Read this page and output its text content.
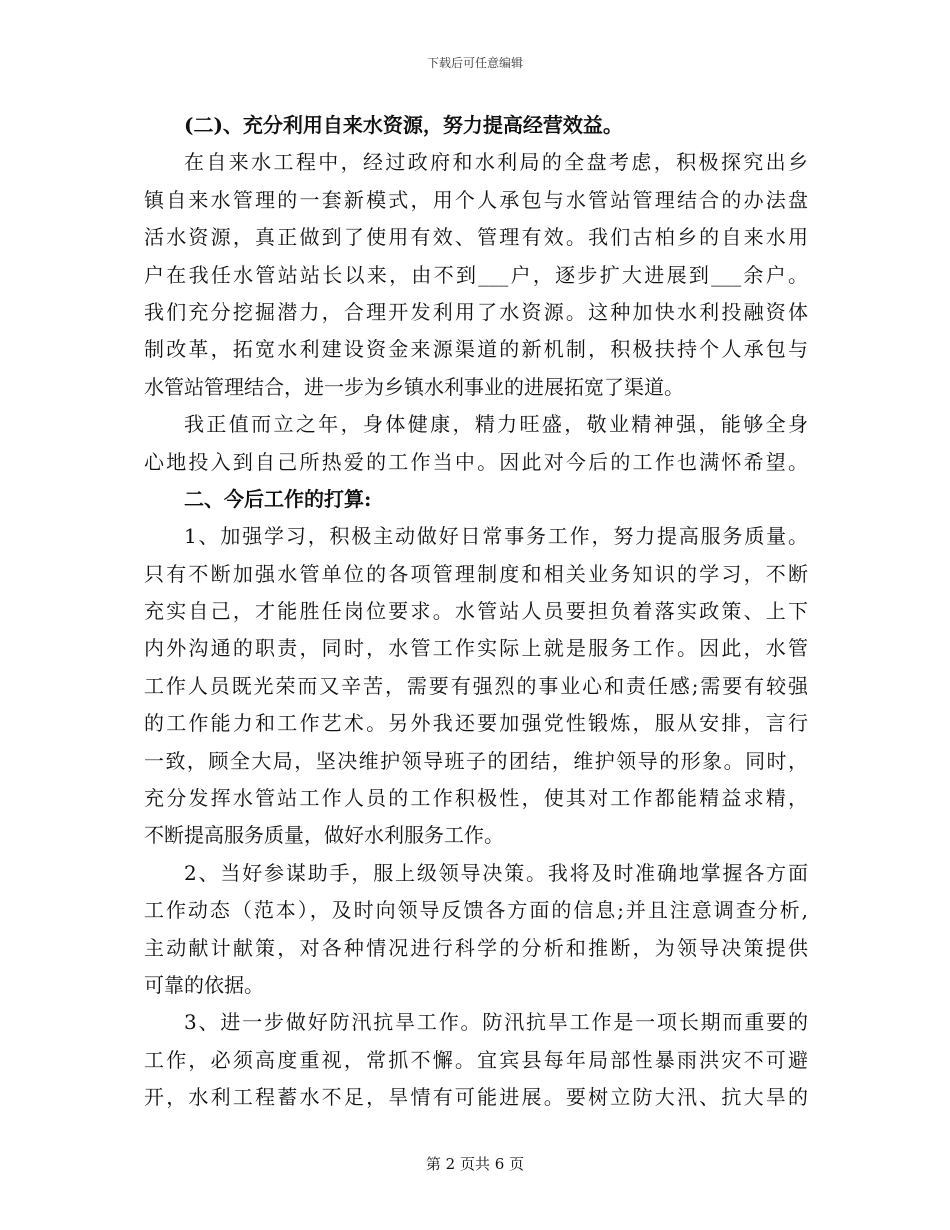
下载后可任意编辑
(二)、充分利用自来水资源，努力提高经营效益。
在自来水工程中，经过政府和水利局的全盘考虑，积极探究出乡
镇自来水管理的一套新模式，用个人承包与水管站管理结合的办法盘
活水资源，真正做到了使用有效、管理有效。我们古柏乡的自来水用
户在我任水管站站长以来，由不到___户，逐步扩大进展到___余户。
我们充分挖掘潜力，合理开发利用了水资源。这种加快水利投融资体
制改革，拓宽水利建设资金来源渠道的新机制，积极扶持个人承包与
水管站管理结合，进一步为乡镇水利事业的进展拓宽了渠道。
我正值而立之年，身体健康，精力旺盛，敬业精神强，能够全身
心地投入到自己所热爱的工作当中。因此对今后的工作也满怀希望。
二、今后工作的打算:
1、加强学习，积极主动做好日常事务工作，努力提高服务质量。
只有不断加强水管单位的各项管理制度和相关业务知识的学习，不断
充实自己，才能胜任岗位要求。水管站人员要担负着落实政策、上下
内外沟通的职责，同时，水管工作实际上就是服务工作。因此，水管
工作人员既光荣而又辛苦，需要有强烈的事业心和责任感;需要有较强
的工作能力和工作艺术。另外我还要加强党性锻炼，服从安排，言行
一致，顾全大局，坚决维护领导班子的团结，维护领导的形象。同时，
充分发挥水管站工作人员的工作积极性，使其对工作都能精益求精，
不断提高服务质量，做好水利服务工作。
2、当好参谋助手，服上级领导决策。我将及时准确地掌握各方面
工作动态（范本），及时向领导反馈各方面的信息;并且注意调查分析,
主动献计献策，对各种情况进行科学的分析和推断，为领导决策提供
可靠的依据。
3、进一步做好防汛抗旱工作。防汛抗旱工作是一项长期而重要的
工作，必须高度重视，常抓不懈。宜宾县每年局部性暴雨洪灾不可避
开，水利工程蓄水不足，旱情有可能进展。要树立防大汛、抗大旱的
第 2 页共 6 页
